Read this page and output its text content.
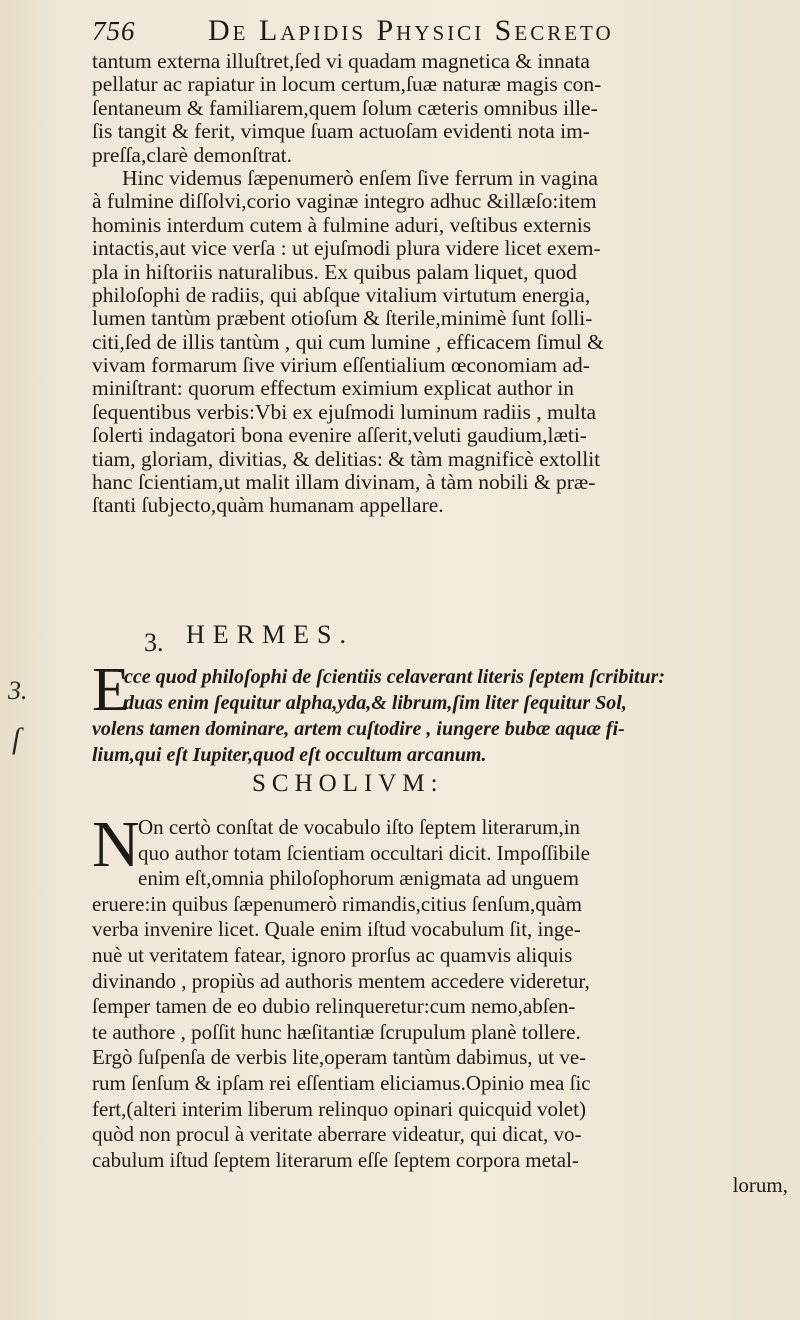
756 De Lapidis Physici Secreto
tantum externa illuſtret,ſed vi quadam magnetica & innata
pellatur ac rapiatur in locum certum,ſuæ naturæ magis con-
ſentaneum & familiarem,quem ſolum cæteris omnibus ille-
ſis tangit & ferit, vimque ſuam actuoſam evidenti nota im-
preſſa,clarè demonſtrat.
Hinc videmus ſæpenumerò enſem ſive ferrum in vagina
à fulmine diſſolvi,corio vaginæ integro adhuc &illæſo:item
hominis interdum cutem à fulmine aduri, veſtibus externis
intactis,aut vice verſa : ut ejuſmodi plura videre licet exem-
pla in hiſtoriis naturalibus. Ex quibus palam liquet, quod
philoſophi de radiis, qui abſque vitalium virtutum energia,
lumen tantùm præbent otioſum & ſterile,minimè ſunt ſolli-
citi,ſed de illis tantùm , qui cum lumine , efficacem ſimul &
vivam formarum ſive virium eſſentialium œconomiam ad-
miniſtrant: quorum effectum eximium explicat author in
ſequentibus verbis:Vbi ex ejuſmodi luminum radiis , multa
ſolerti indagatori bona evenire aſſerit,veluti gaudium,læti-
tiam, gloriam, divitias, & delitias: & tàm magnificè extollit
hanc ſcientiam,ut malit illam divinam, à tàm nobili & præ-
ſtanti ſubjecto,quàm humanam appellare.
3. HERMES.
3.
ſ
E
cce quod philoſophi de ſcientiis celaverant literis ſeptem ſcribitur:
duas enim ſequitur alpha,yda,& librum,ſim liter ſequitur Sol,
volens tamen dominare, artem cuſtodire , iungere bubæ aquæ fi-
lium,qui eſt Iupiter,quod eſt occultum arcanum.
SCHOLIVM:
N
On certò conſtat de vocabulo iſto ſeptem literarum,in
quo author totam ſcientiam occultari dicit. Impoſſibile
enim eſt,omnia philoſophorum ænigmata ad unguem
eruere:in quibus ſæpenumerò rimandis,citius ſenſum,quàm
verba invenire licet. Quale enim iſtud vocabulum ſit, inge-
nuè ut veritatem fatear, ignoro prorſus ac quamvis aliquis
divinando , propiùs ad authoris mentem accedere videretur,
ſemper tamen de eo dubio relinqueretur:cum nemo,abſen-
te authore , poſſit hunc hæſitantiæ ſcrupulum planè tollere.
Ergò ſuſpenſa de verbis lite,operam tantùm dabimus, ut ve-
rum ſenſum & ipſam rei eſſentiam eliciamus.Opinio mea ſic
fert,(alteri interim liberum relinquo opinari quicquid volet)
quòd non procul à veritate aberrare videatur, qui dicat, vo-
cabulum iſtud ſeptem literarum eſſe ſeptem corpora metal-
lorum,
